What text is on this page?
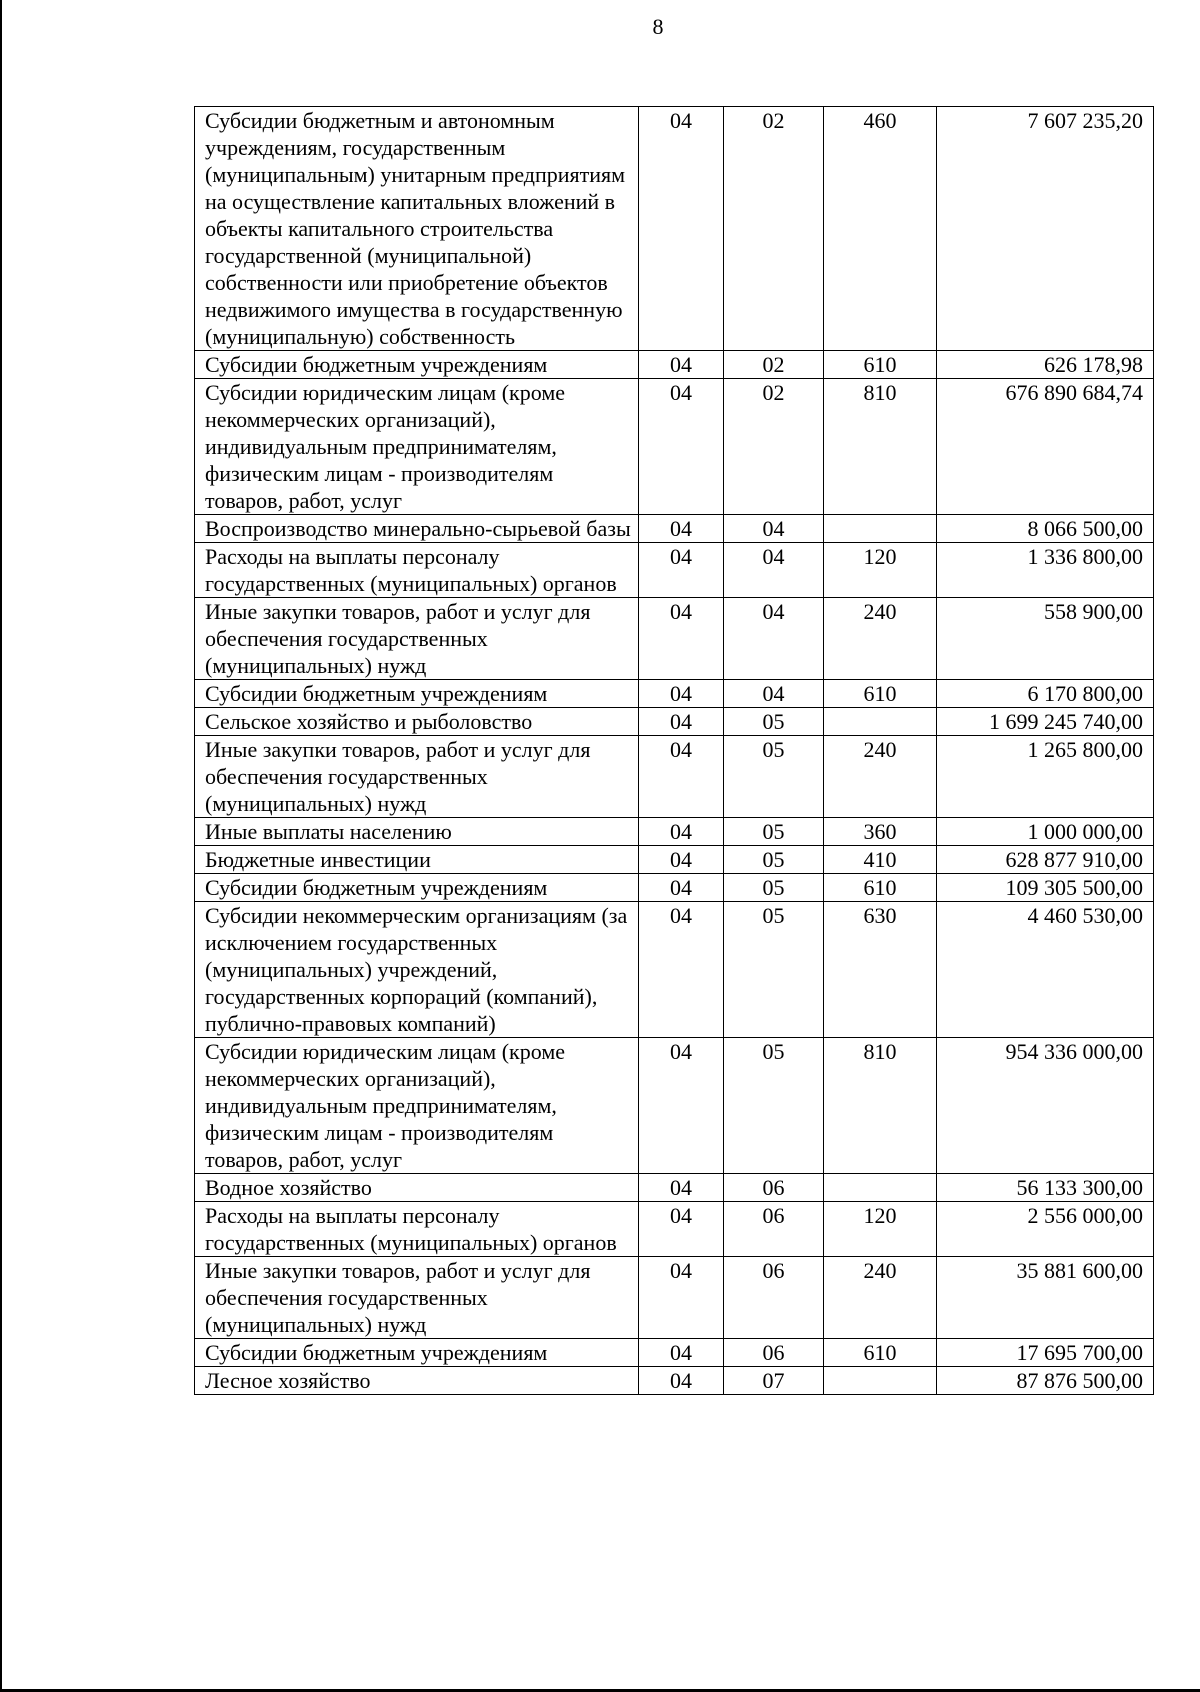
8
Субсидии бюджетным и автономным учреждениям, государственным (муниципальным) унитарным предприятиям на осуществление капитальных вложений в объекты капитального строительства государственной (муниципальной) собственности или приобретение объектов недвижимого имущества в государственную (муниципальную) собственность	04	02	460	7 607 235,20
Субсидии бюджетным учреждениям	04	02	610	626 178,98
Субсидии юридическим лицам (кроме некоммерческих организаций), индивидуальным предпринимателям, физическим лицам - производителям товаров, работ, услуг	04	02	810	676 890 684,74
Воспроизводство минерально-сырьевой базы	04	04		8 066 500,00
Расходы на выплаты персоналу государственных (муниципальных) органов	04	04	120	1 336 800,00
Иные закупки товаров, работ и услуг для обеспечения государственных (муниципальных) нужд	04	04	240	558 900,00
Субсидии бюджетным учреждениям	04	04	610	6 170 800,00
Сельское хозяйство и рыболовство	04	05		1 699 245 740,00
Иные закупки товаров, работ и услуг для обеспечения государственных (муниципальных) нужд	04	05	240	1 265 800,00
Иные выплаты населению	04	05	360	1 000 000,00
Бюджетные инвестиции	04	05	410	628 877 910,00
Субсидии бюджетным учреждениям	04	05	610	109 305 500,00
Субсидии некоммерческим организациям (за исключением государственных (муниципальных) учреждений, государственных корпораций (компаний), публично-правовых компаний)	04	05	630	4 460 530,00
Субсидии юридическим лицам (кроме некоммерческих организаций), индивидуальным предпринимателям, физическим лицам - производителям товаров, работ, услуг	04	05	810	954 336 000,00
Водное хозяйство	04	06		56 133 300,00
Расходы на выплаты персоналу государственных (муниципальных) органов	04	06	120	2 556 000,00
Иные закупки товаров, работ и услуг для обеспечения государственных (муниципальных) нужд	04	06	240	35 881 600,00
Субсидии бюджетным учреждениям	04	06	610	17 695 700,00
Лесное хозяйство	04	07		87 876 500,00
